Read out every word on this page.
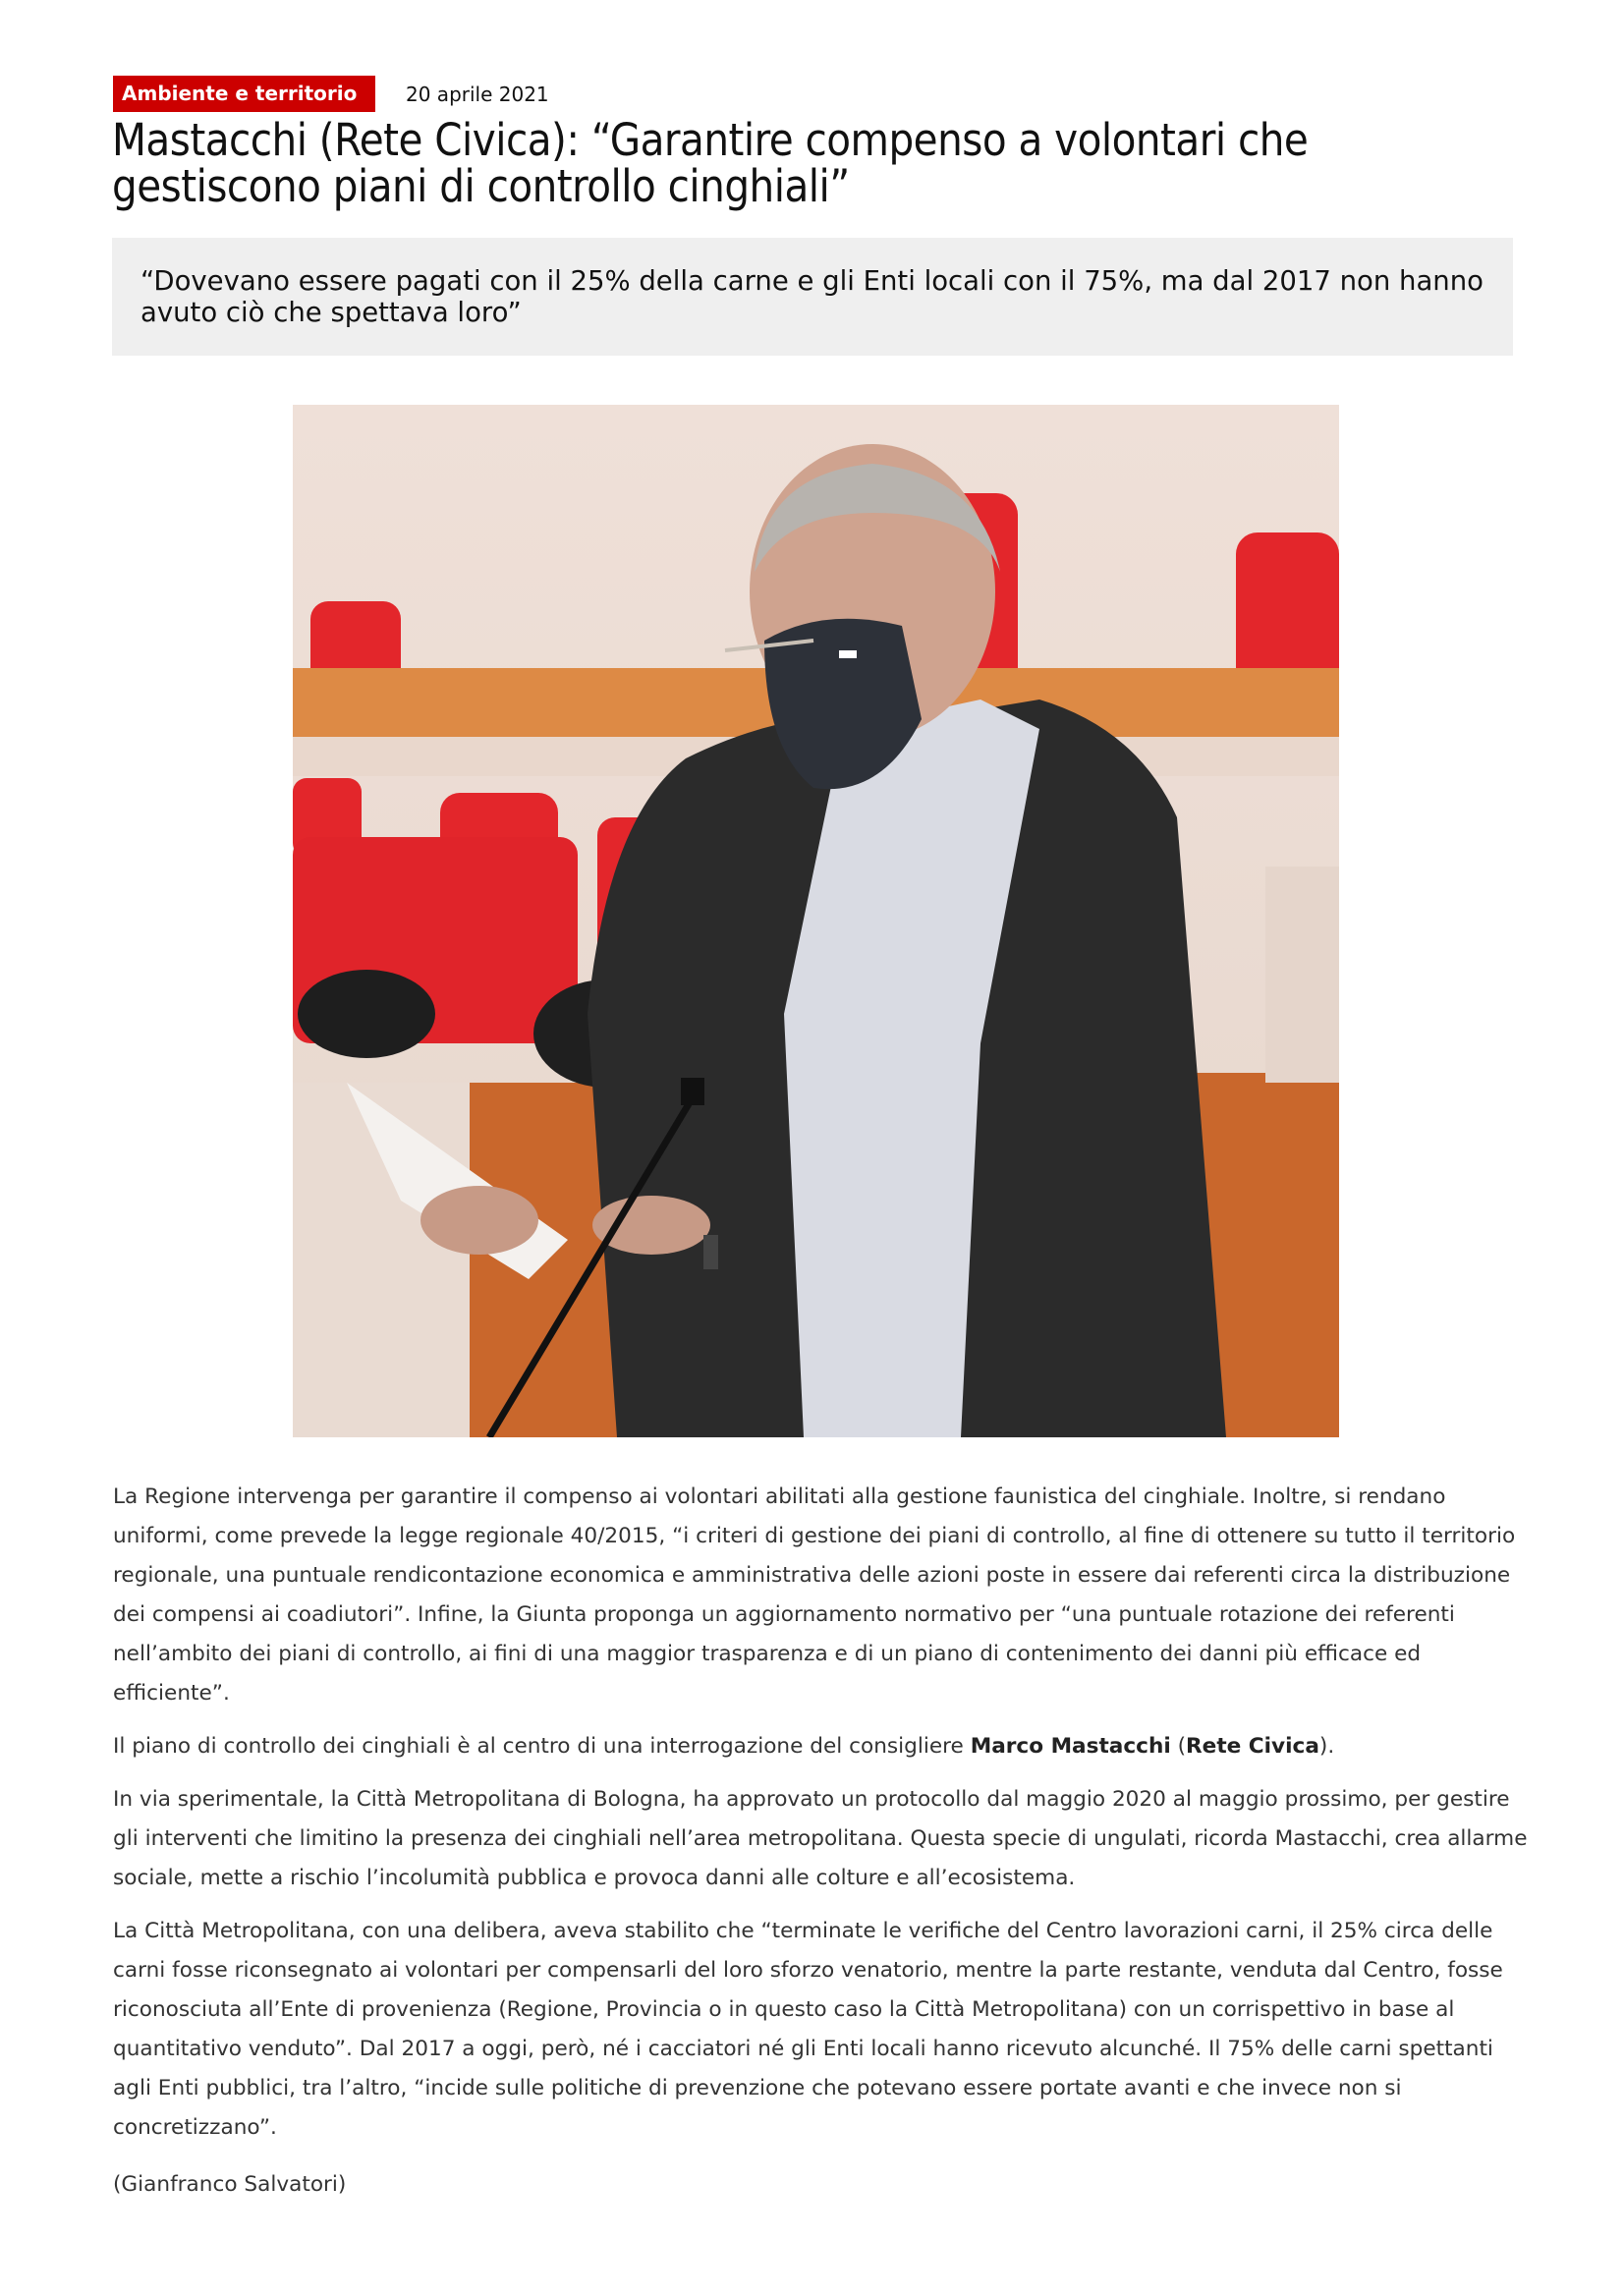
Ambiente e territorio	20 aprile 2021
Mastacchi (Rete Civica): “Garantire compenso a volontari che gestiscono piani di controllo cinghiali”
“Dovevano essere pagati con il 25% della carne e gli Enti locali con il 75%, ma dal 2017 non hanno avuto ciò che spettava loro”

La Regione intervenga per garantire il compenso ai volontari abilitati alla gestione faunistica del cinghiale. Inoltre, si rendano uniformi, come prevede la legge regionale 40/2015, “i criteri di gestione dei piani di controllo, al fine di ottenere su tutto il territorio regionale, una puntuale rendicontazione economica e amministrativa delle azioni poste in essere dai referenti circa la distribuzione dei compensi ai coadiutori”. Infine, la Giunta proponga un aggiornamento normativo per “una puntuale rotazione dei referenti nell’ambito dei piani di controllo, ai fini di una maggior trasparenza e di un piano di contenimento dei danni più efficace ed efficiente”.

Il piano di controllo dei cinghiali è al centro di una interrogazione del consigliere Marco Mastacchi (Rete Civica).

In via sperimentale, la Città Metropolitana di Bologna, ha approvato un protocollo dal maggio 2020 al maggio prossimo, per gestire gli interventi che limitino la presenza dei cinghiali nell’area metropolitana. Questa specie di ungulati, ricorda Mastacchi, crea allarme sociale, mette a rischio l’incolumità pubblica e provoca danni alle colture e all’ecosistema.

La Città Metropolitana, con una delibera, aveva stabilito che “terminate le verifiche del Centro lavorazioni carni, il 25% circa delle carni fosse riconsegnato ai volontari per compensarli del loro sforzo venatorio, mentre la parte restante, venduta dal Centro, fosse riconosciuta all’Ente di provenienza (Regione, Provincia o in questo caso la Città Metropolitana) con un corrispettivo in base al quantitativo venduto”. Dal 2017 a oggi, però, né i cacciatori né gli Enti locali hanno ricevuto alcunché. Il 75% delle carni spettanti agli Enti pubblici, tra l’altro, “incide sulle politiche di prevenzione che potevano essere portate avanti e che invece non si concretizzano”.

(Gianfranco Salvatori)
